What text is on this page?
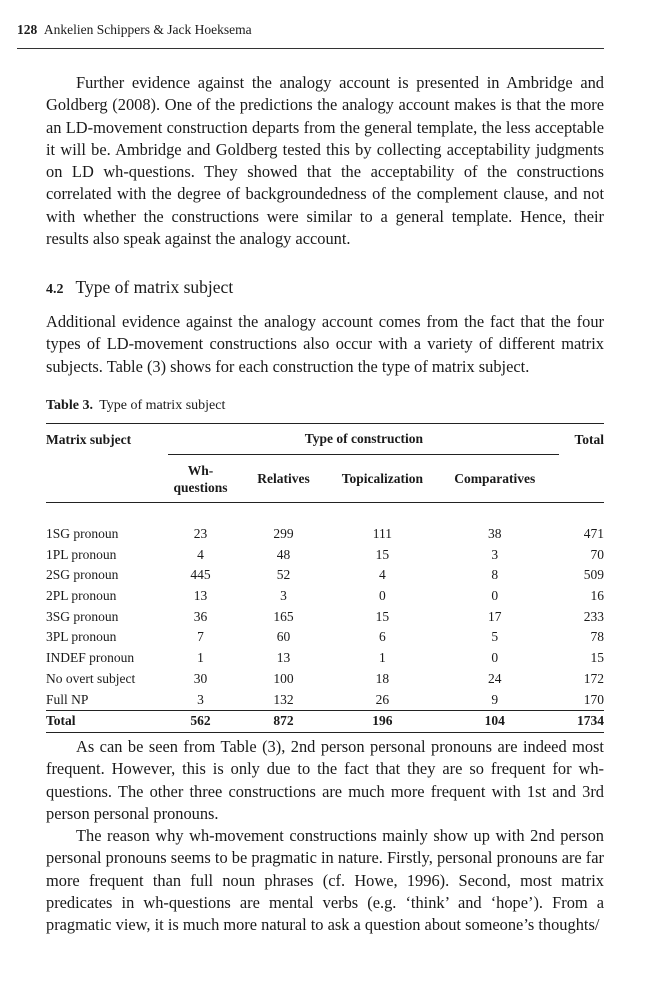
128 Ankelien Schippers & Jack Hoeksema

Further evidence against the analogy account is presented in Ambridge and Goldberg (2008). One of the predictions the analogy account makes is that the more an LD-movement construction departs from the general template, the less acceptable it will be. Ambridge and Goldberg tested this by collecting acceptability judgments on LD wh-questions. They showed that the acceptability of the constructions correlated with the degree of backgroundedness of the complement clause, and not with whether the constructions were similar to a general template. Hence, their results also speak against the analogy account.

4.2 Type of matrix subject

Additional evidence against the analogy account comes from the fact that the four types of LD-movement constructions also occur with a variety of different matrix subjects. Table (3) shows for each construction the type of matrix subject.

Table 3. Type of matrix subject
Matrix subject	Type of construction				Total
	Wh-questions	Relatives	Topicalization	Comparatives	

1SG pronoun	23	299	111	38	471
1PL pronoun	4	48	15	3	70
2SG pronoun	445	52	4	8	509
2PL pronoun	13	3	0	0	16
3SG pronoun	36	165	15	17	233
3PL pronoun	7	60	6	5	78
INDEF pronoun	1	13	1	0	15
No overt subject	30	100	18	24	172
Full NP	3	132	26	9	170
Total	562	872	196	104	1734

As can be seen from Table (3), 2nd person personal pronouns are indeed most frequent. However, this is only due to the fact that they are so frequent for wh-questions. The other three constructions are much more frequent with 1st and 3rd person personal pronouns.

The reason why wh-movement constructions mainly show up with 2nd person personal pronouns seems to be pragmatic in nature. Firstly, personal pronouns are far more frequent than full noun phrases (cf. Howe, 1996). Second, most matrix predicates in wh-questions are mental verbs (e.g. ‘think’ and ‘hope’). From a pragmatic view, it is much more natural to ask a question about someone’s thoughts/
